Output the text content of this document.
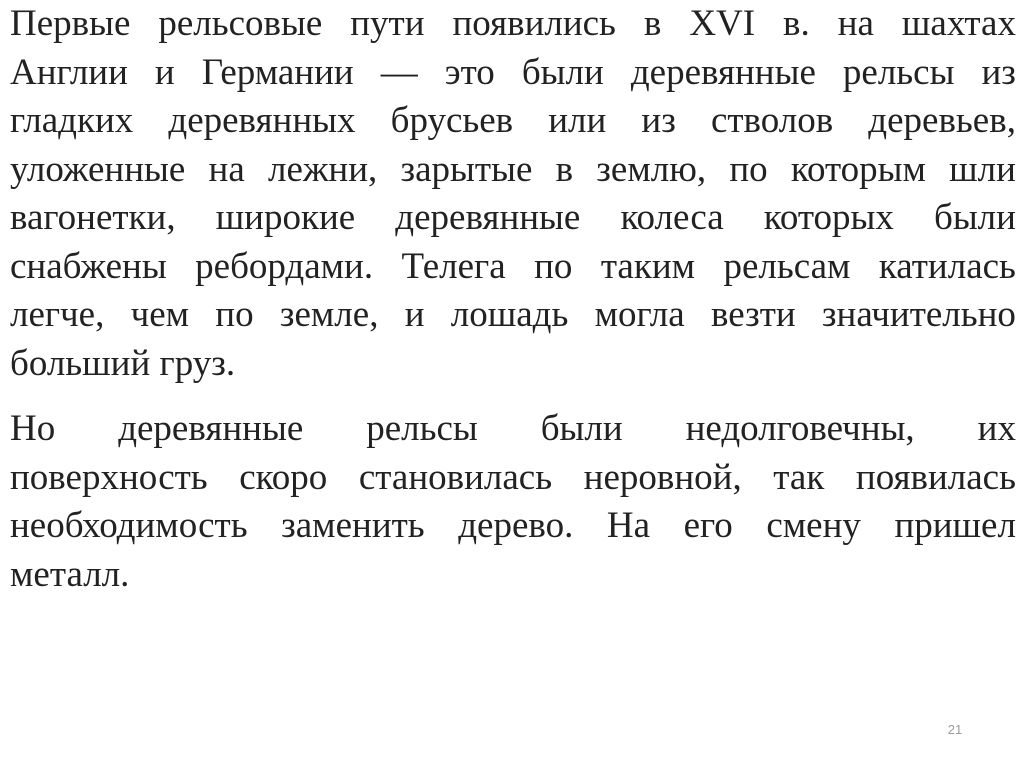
Первые рельсовые пути появились в XVI в. на шахтах
Англии и Германии — это были деревянные рельсы из
гладких деревянных брусьев или из стволов деревьев,
уложенные на лежни, зарытые в землю, по которым шли
вагонетки, широкие деревянные колеса которых были
снабжены ребордами. Телега по таким рельсам катилась
легче, чем по земле, и лошадь могла везти значительно
больший груз.
Но деревянные рельсы были недолговечны, их
поверхность скоро становилась неровной, так появилась
необходимость заменить дерево. На его смену пришел
металл.
21
